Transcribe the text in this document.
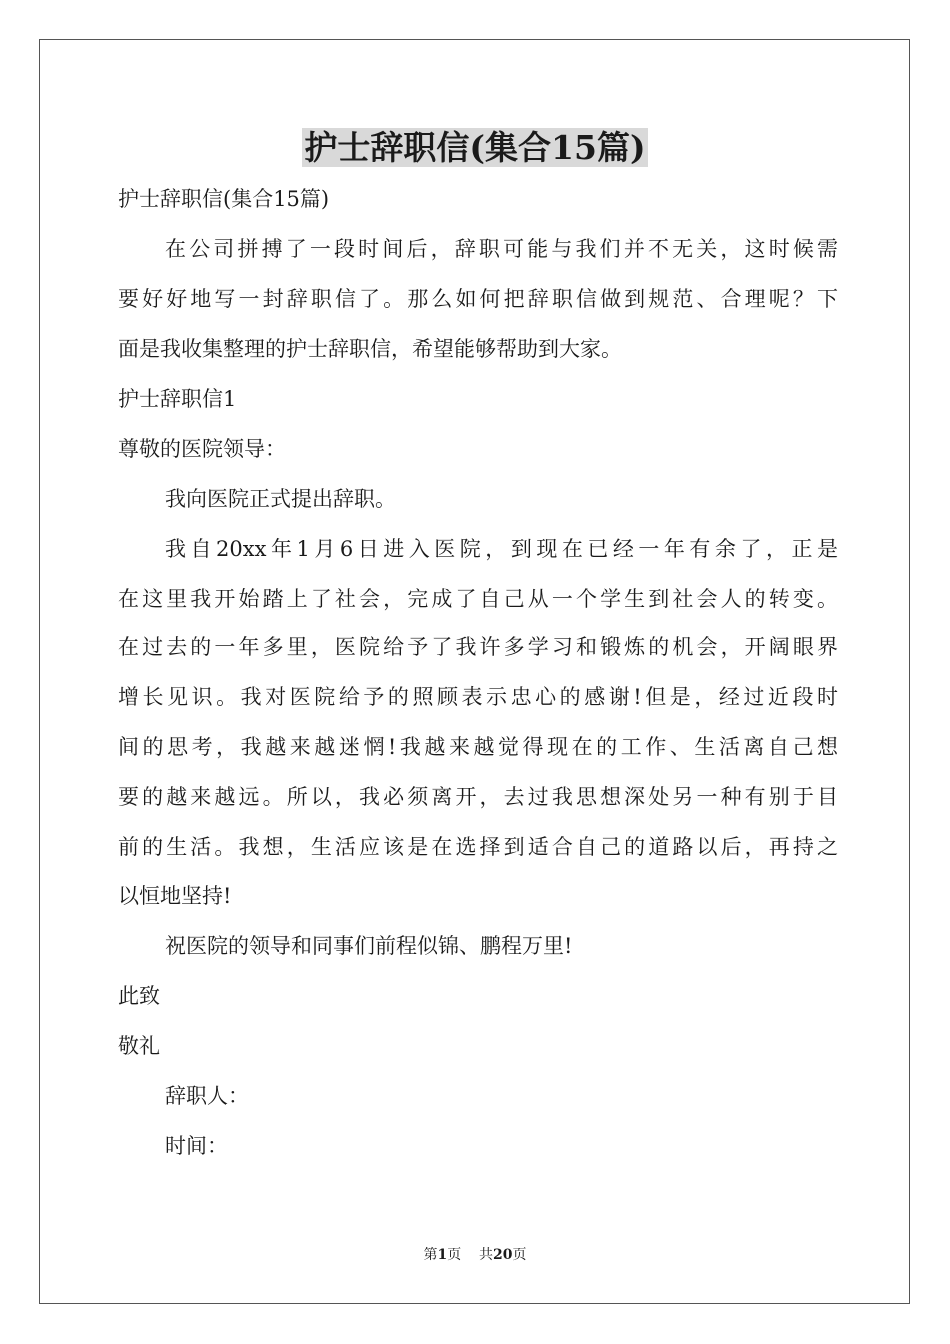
护士辞职信(集合15篇)

护士辞职信(集合15篇)

在公司拼搏了一段时间后，辞职可能与我们并不无关，这时候需

要好好地写一封辞职信了。那么如何把辞职信做到规范、合理呢？下

面是我收集整理的护士辞职信，希望能够帮助到大家。

护士辞职信1

尊敬的医院领导：

我向医院正式提出辞职。

我自20xx年1月6日进入医院，到现在已经一年有余了，正是

在这里我开始踏上了社会，完成了自己从一个学生到社会人的转变。

在过去的一年多里，医院给予了我许多学习和锻炼的机会，开阔眼界

增长见识。我对医院给予的照顾表示忠心的感谢!但是，经过近段时

间的思考，我越来越迷惘!我越来越觉得现在的工作、生活离自己想

要的越来越远。所以，我必须离开，去过我思想深处另一种有别于目

前的生活。我想，生活应该是在选择到适合自己的道路以后，再持之

以恒地坚持!

祝医院的领导和同事们前程似锦、鹏程万里!

此致

敬礼

辞职人：

时间：

第1页 共20页
